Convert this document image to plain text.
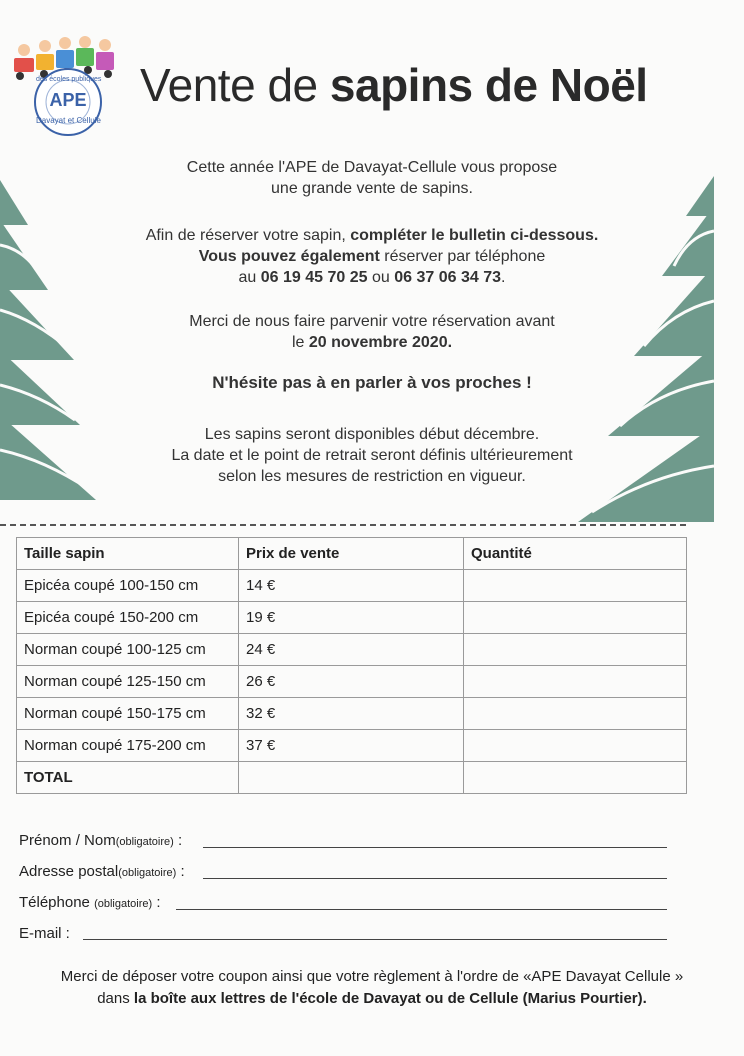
APE
des écoles publiques
Davayat et Cellule
Vente de sapins de Noël

Cette année l'APE de Davayat-Cellule vous propose

une grande vente de sapins.

Afin de réserver votre sapin, compléter le bulletin ci-dessous.

Vous pouvez également réserver par téléphone

au 06 19 45 70 25 ou 06 37 06 34 73.

Merci de nous faire parvenir votre réservation avant

le 20 novembre 2020.

N'hésite pas à en parler à vos proches !

Les sapins seront disponibles début décembre.

La date et le point de retrait seront définis ultérieurement

selon les mesures de restriction en vigueur.

Taille sapin	Prix de vente	Quantité
Epicéa coupé 100-150 cm	14 €	
Epicéa coupé 150-200 cm	19 €	
Norman coupé 100-125 cm	24 €	
Norman coupé 125-150 cm	26 €	
Norman coupé 150-175 cm	32 €	
Norman coupé 175-200 cm	37 €	
TOTAL		
Prénom / Nom(obligatoire) :
Adresse postal(obligatoire) :
Téléphone (obligatoire) :
E-mail :
Merci de déposer votre coupon ainsi que votre règlement à l'ordre de «APE Davayat Cellule »
dans la boîte aux lettres de l'école de Davayat ou de Cellule (Marius Pourtier).
